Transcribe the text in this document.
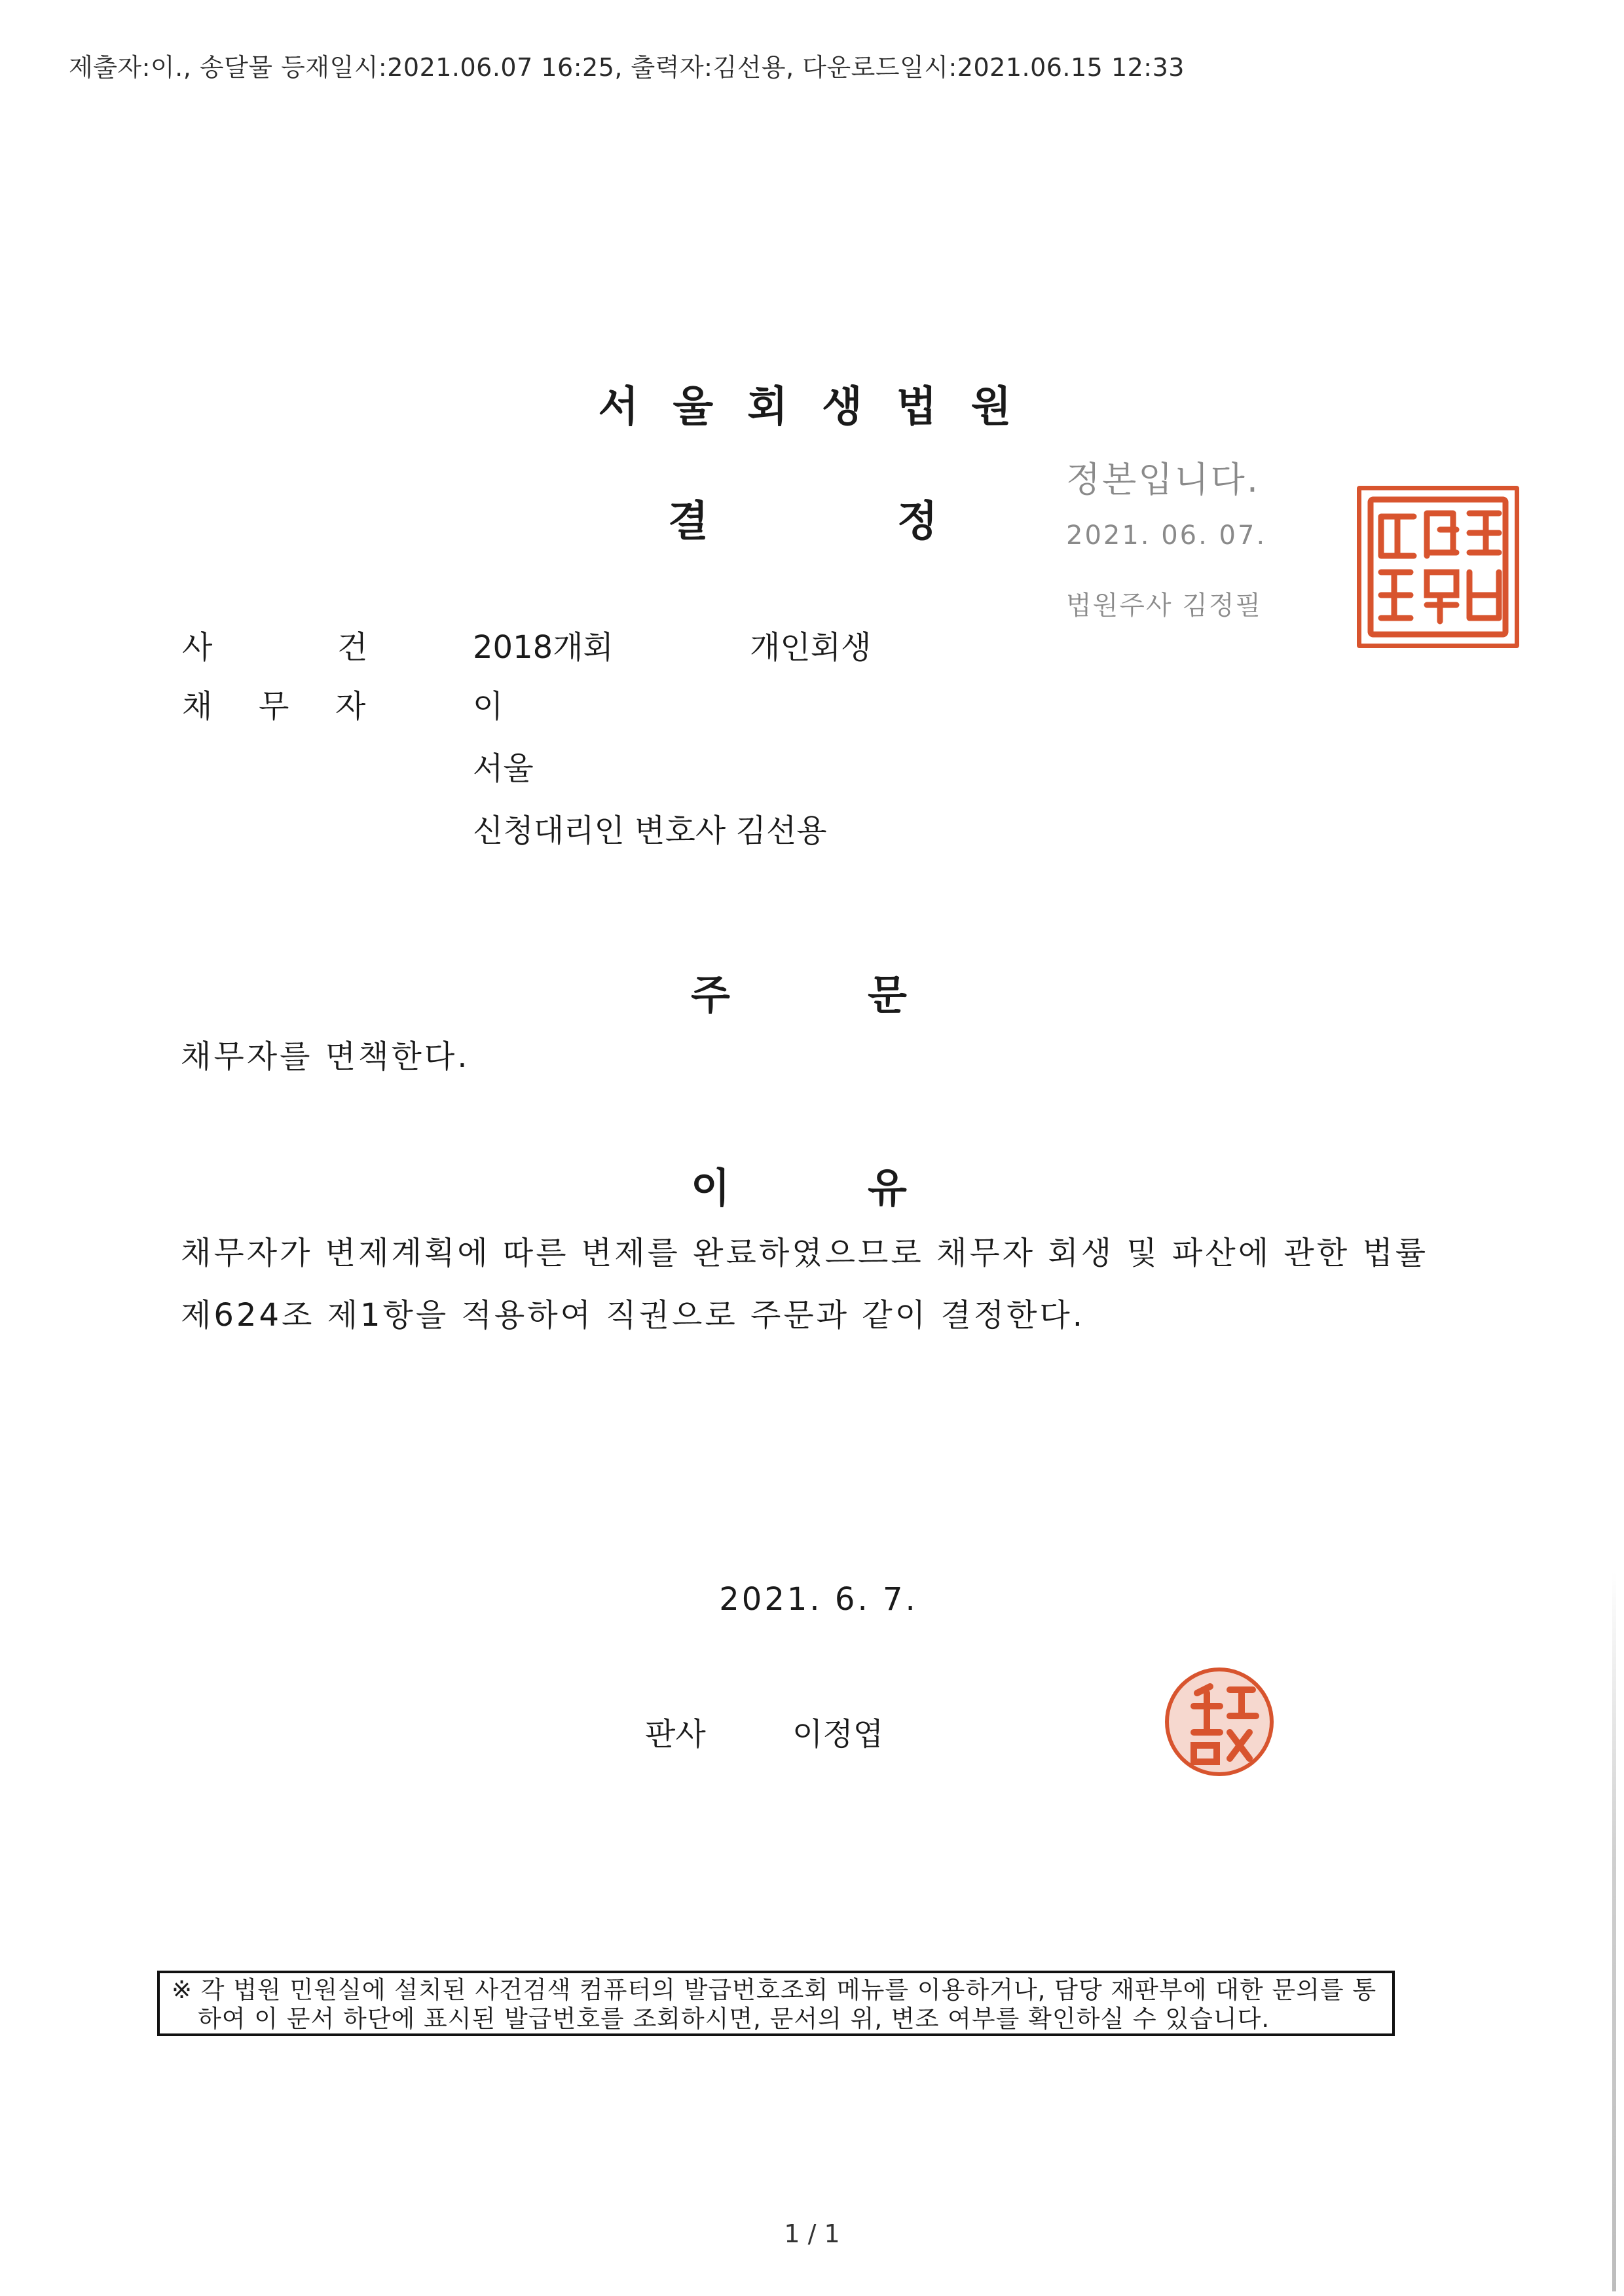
제출자:이., 송달물 등재일시:2021.06.07 16:25, 출력자:김선용, 다운로드일시:2021.06.15 12:33
서울회생법원
결	정
정본입니다.
2021. 06. 07.
법원주사 김정필
사	건	2018개회	개인회생
채 무 자	이
서울
신청대리인 변호사 김선용
주	문
채무자를 면책한다.
이	유
채무자가 변제계획에 따른 변제를 완료하였으므로 채무자 회생 및 파산에 관한 법률
제624조 제1항을 적용하여 직권으로 주문과 같이 결정한다.
2021. 6. 7.
판사	이정엽
※ 각 법원 민원실에 설치된 사건검색 컴퓨터의 발급번호조회 메뉴를 이용하거나, 담당 재판부에 대한 문의를 통
하여 이 문서 하단에 표시된 발급번호를 조회하시면, 문서의 위, 변조 여부를 확인하실 수 있습니다.
1 / 1
